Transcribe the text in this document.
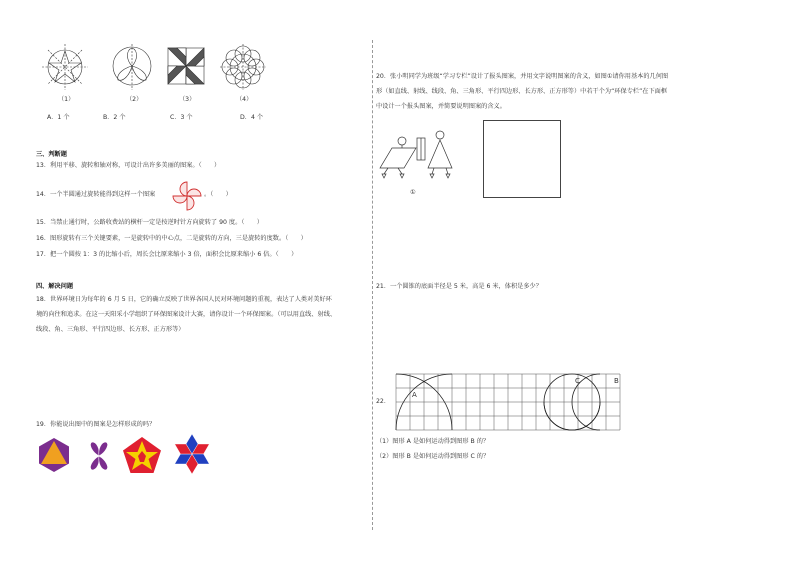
（1）	（2）	（3）	（4）
A．1 个	B．2 个	C．3 个	D．4 个
三、判断题
13．利用平移、旋转和轴对称，可设计出许多美丽的图案。（　　）
14．一个半圆通过旋转能得到这样一个图案	。（　　）
15．当禁止通行时，公路收费站的横杆一定是按逆时针方向旋转了 90 度。（　　）
16．图形旋转有三个关键要素，一是旋转中的中心点，二是旋转的方向，三是旋转的度数。（　　）
17．把一个圆按 1：3 的比缩小后，周长会比原来缩小 3 倍，面积会比原来缩小 6 倍。（　　）
四、解决问题
18．世界环境日为每年的 6 月 5 日，它的确立反映了世界各国人民对环境问题的重视，表达了人类对美好环
境的向往和追求。在这一天阳采小学组织了环保图案设计大赛，请你设计一个环保图案。（可以用直线、射线、
线段、角、三角形、平行四边形、长方形、正方形等）
19．你能说出图中的图案是怎样形成的吗？
20．张小明同学为班级“学习专栏”设计了报头图案，并用文字说明图案的含义，如图①请你用基本的几何图
形（如直线、射线、线段、角、三角形、平行四边形、长方形、正方形等）中若干个为“环保专栏”在下面框
中设计一个报头图案，并简要说明图案的含义。
①
21．一个圆锥的底面半径是 5 米，高是 6 米，体积是多少？
22．
A
C	B
（1）图形 A 是如何运动得到图形 B 的？
（2）图形 B 是如何运动得到图形 C 的？
